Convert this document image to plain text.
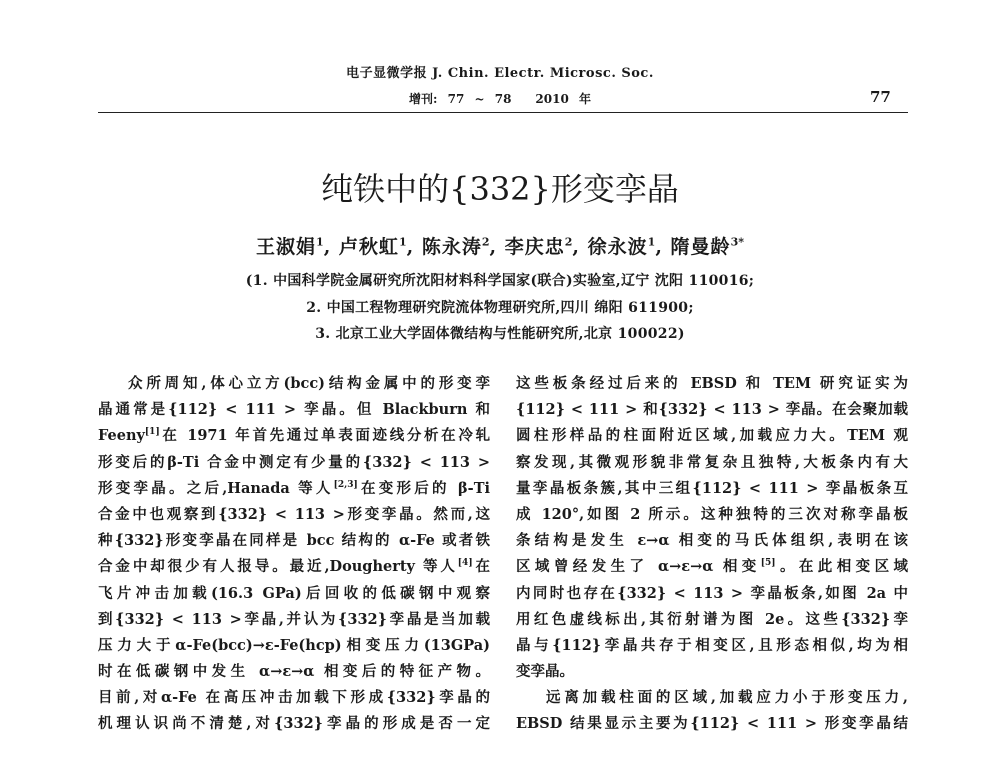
电子显微学报 J. Chin. Electr. Microsc. Soc.
增刊: 77 ~ 78　　2010 年	77
纯铁中的{332}形变孪晶
王淑娟$^1$, 卢秋虹$^1$, 陈永涛$^2$, 李庆忠$^2$, 徐永波$^1$, 隋曼龄$^{3*}$
(1. 中国科学院金属研究所沈阳材料科学国家(联合)实验室,辽宁 沈阳 110016;
2. 中国工程物理研究院流体物理研究所,四川 绵阳 611900;
3. 北京工业大学固体微结构与性能研究所,北京 100022)
众所周知,体心立方(bcc)结构金属中的形变孪
晶通常是{112} < 111 > 孪晶。但 Blackburn 和
Feeny[1]在 1971 年首先通过单表面迹线分析在冷轧
形变后的β-Ti 合金中测定有少量的{332} < 113 >
形变孪晶。之后,Hanada 等人[2,3]在变形后的 β-Ti
合金中也观察到{332} < 113 >形变孪晶。然而,这
种{332}形变孪晶在同样是 bcc 结构的 α-Fe 或者铁
合金中却很少有人报导。最近,Dougherty 等人[4]在
飞片冲击加载(16.3 GPa)后回收的低碳钢中观察
到{332} < 113 >孪晶,并认为{332}孪晶是当加载
压力大于α-Fe(bcc)→ε-Fe(hcp)相变压力(13GPa)
时在低碳钢中发生 α→ε→α 相变后的特征产物。
目前,对α-Fe 在高压冲击加载下形成{332}孪晶的
机理认识尚不清楚,对{332}孪晶的形成是否一定
这些板条经过后来的 EBSD 和 TEM 研究证实为
{112} < 111 > 和{332} < 113 > 孪晶。在会聚加载
圆柱形样品的柱面附近区域,加载应力大。TEM 观
察发现,其微观形貌非常复杂且独特,大板条内有大
量孪晶板条簇,其中三组{112} < 111 > 孪晶板条互
成 120°,如图 2 所示。这种独特的三次对称孪晶板
条结构是发生 ε→α 相变的马氏体组织,表明在该
区域曾经发生了 α→ε→α 相变[5]。在此相变区域
内同时也存在{332} < 113 > 孪晶板条,如图 2a 中
用红色虚线标出,其衍射谱为图 2e。这些{332}孪
晶与{112}孪晶共存于相变区,且形态相似,均为相
变孪晶。
远离加载柱面的区域,加载应力小于形变压力,
EBSD 结果显示主要为{112} < 111 > 形变孪晶结
